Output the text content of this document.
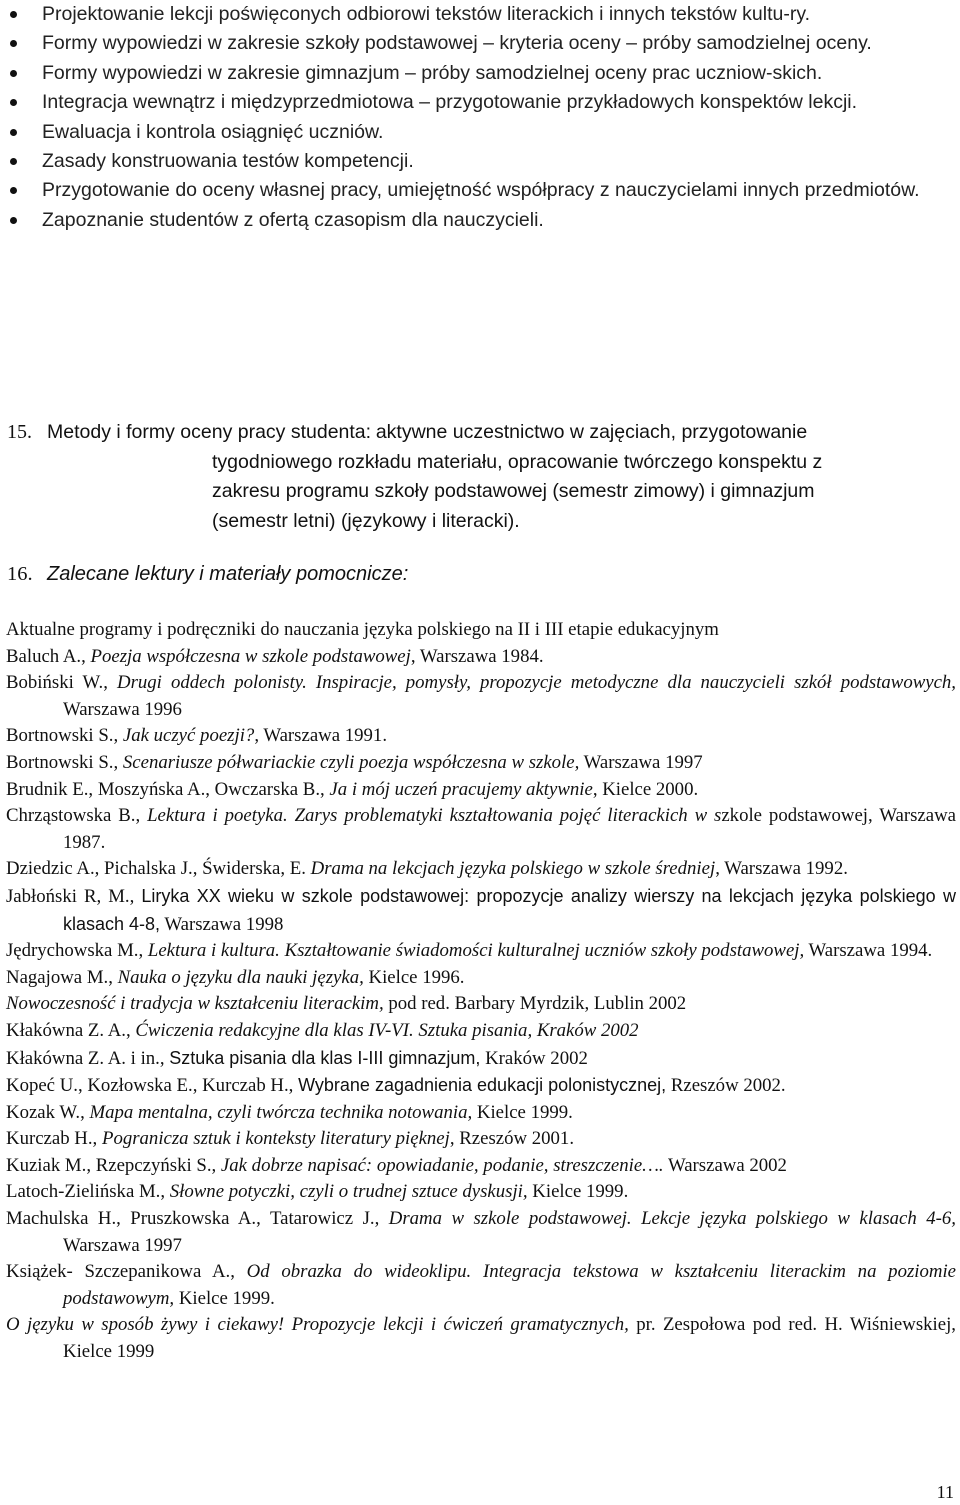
Projektowanie lekcji poświęconych odbiorowi tekstów literackich i innych tekstów kultu-ry.
Formy wypowiedzi w zakresie szkoły podstawowej – kryteria oceny – próby samodzielnej oceny.
Formy wypowiedzi w zakresie gimnazjum – próby samodzielnej oceny prac uczniow-skich.
Integracja wewnątrz i międzyprzedmiotowa – przygotowanie przykładowych konspektów lekcji.
Ewaluacja i kontrola osiągnięć uczniów.
Zasady konstruowania testów kompetencji.
Przygotowanie do oceny własnej pracy, umiejętność współpracy z nauczycielami innych przedmiotów.
Zapoznanie studentów z ofertą czasopism dla nauczycieli.
15. Metody i formy oceny pracy studenta: aktywne uczestnictwo w zajęciach, przygotowanie
tygodniowego rozkładu materiału, opracowanie twórczego konspektu z
zakresu programu szkoły podstawowej (semestr zimowy) i gimnazjum
(semestr letni) (językowy i literacki).
16. Zalecane lektury i materiały pomocnicze:
Aktualne programy i podręczniki do nauczania języka polskiego na II i III etapie edukacyjnym
Baluch A., Poezja współczesna w szkole podstawowej, Warszawa 1984.
Bobiński W., Drugi oddech polonisty. Inspiracje, pomysły, propozycje metodyczne dla nauczycieli szkół podstawowych, Warszawa 1996
Bortnowski S., Jak uczyć poezji?, Warszawa 1991.
Bortnowski S., Scenariusze półwariackie czyli poezja współczesna w szkole, Warszawa 1997
Brudnik E., Moszyńska A., Owczarska B., Ja i mój uczeń pracujemy aktywnie, Kielce 2000.
Chrząstowska B., Lektura i poetyka. Zarys problematyki kształtowania pojęć literackich w szkole podstawowej, Warszawa 1987.
Dziedzic A., Pichalska J., Świderska, E. Drama na lekcjach języka polskiego w szkole średniej, Warszawa 1992.
Jabłoński R, M., Liryka XX wieku w szkole podstawowej: propozycje analizy wierszy na lekcjach języka polskiego w klasach 4-8, Warszawa 1998
Jędrychowska M., Lektura i kultura. Kształtowanie świadomości kulturalnej uczniów szkoły podstawowej, Warszawa 1994.
Nagajowa M., Nauka o języku dla nauki języka, Kielce 1996.
Nowoczesność i tradycja w kształceniu literackim, pod red. Barbary Myrdzik, Lublin 2002
Kłakówna Z. A., Ćwiczenia redakcyjne dla klas IV-VI. Sztuka pisania, Kraków 2002
Kłakówna Z. A. i in., Sztuka pisania dla klas I-III gimnazjum, Kraków 2002
Kopeć U., Kozłowska E., Kurczab H., Wybrane zagadnienia edukacji polonistycznej, Rzeszów 2002.
Kozak W., Mapa mentalna, czyli twórcza technika notowania, Kielce 1999.
Kurczab H., Pogranicza sztuk i konteksty literatury pięknej, Rzeszów 2001.
Kuziak M., Rzepczyński S., Jak dobrze napisać: opowiadanie, podanie, streszczenie…. Warszawa 2002
Latoch-Zielińska M., Słowne potyczki, czyli o trudnej sztuce dyskusji, Kielce 1999.
Machulska H., Pruszkowska A., Tatarowicz J., Drama w szkole podstawowej. Lekcje języka polskiego w klasach 4-6, Warszawa 1997
Książek- Szczepanikowa A., Od obrazka do wideoklipu. Integracja tekstowa w kształceniu literackim na poziomie podstawowym, Kielce 1999.
O języku w sposób żywy i ciekawy! Propozycje lekcji i ćwiczeń gramatycznych, pr. Zespołowa pod red. H. Wiśniewskiej, Kielce 1999
11
